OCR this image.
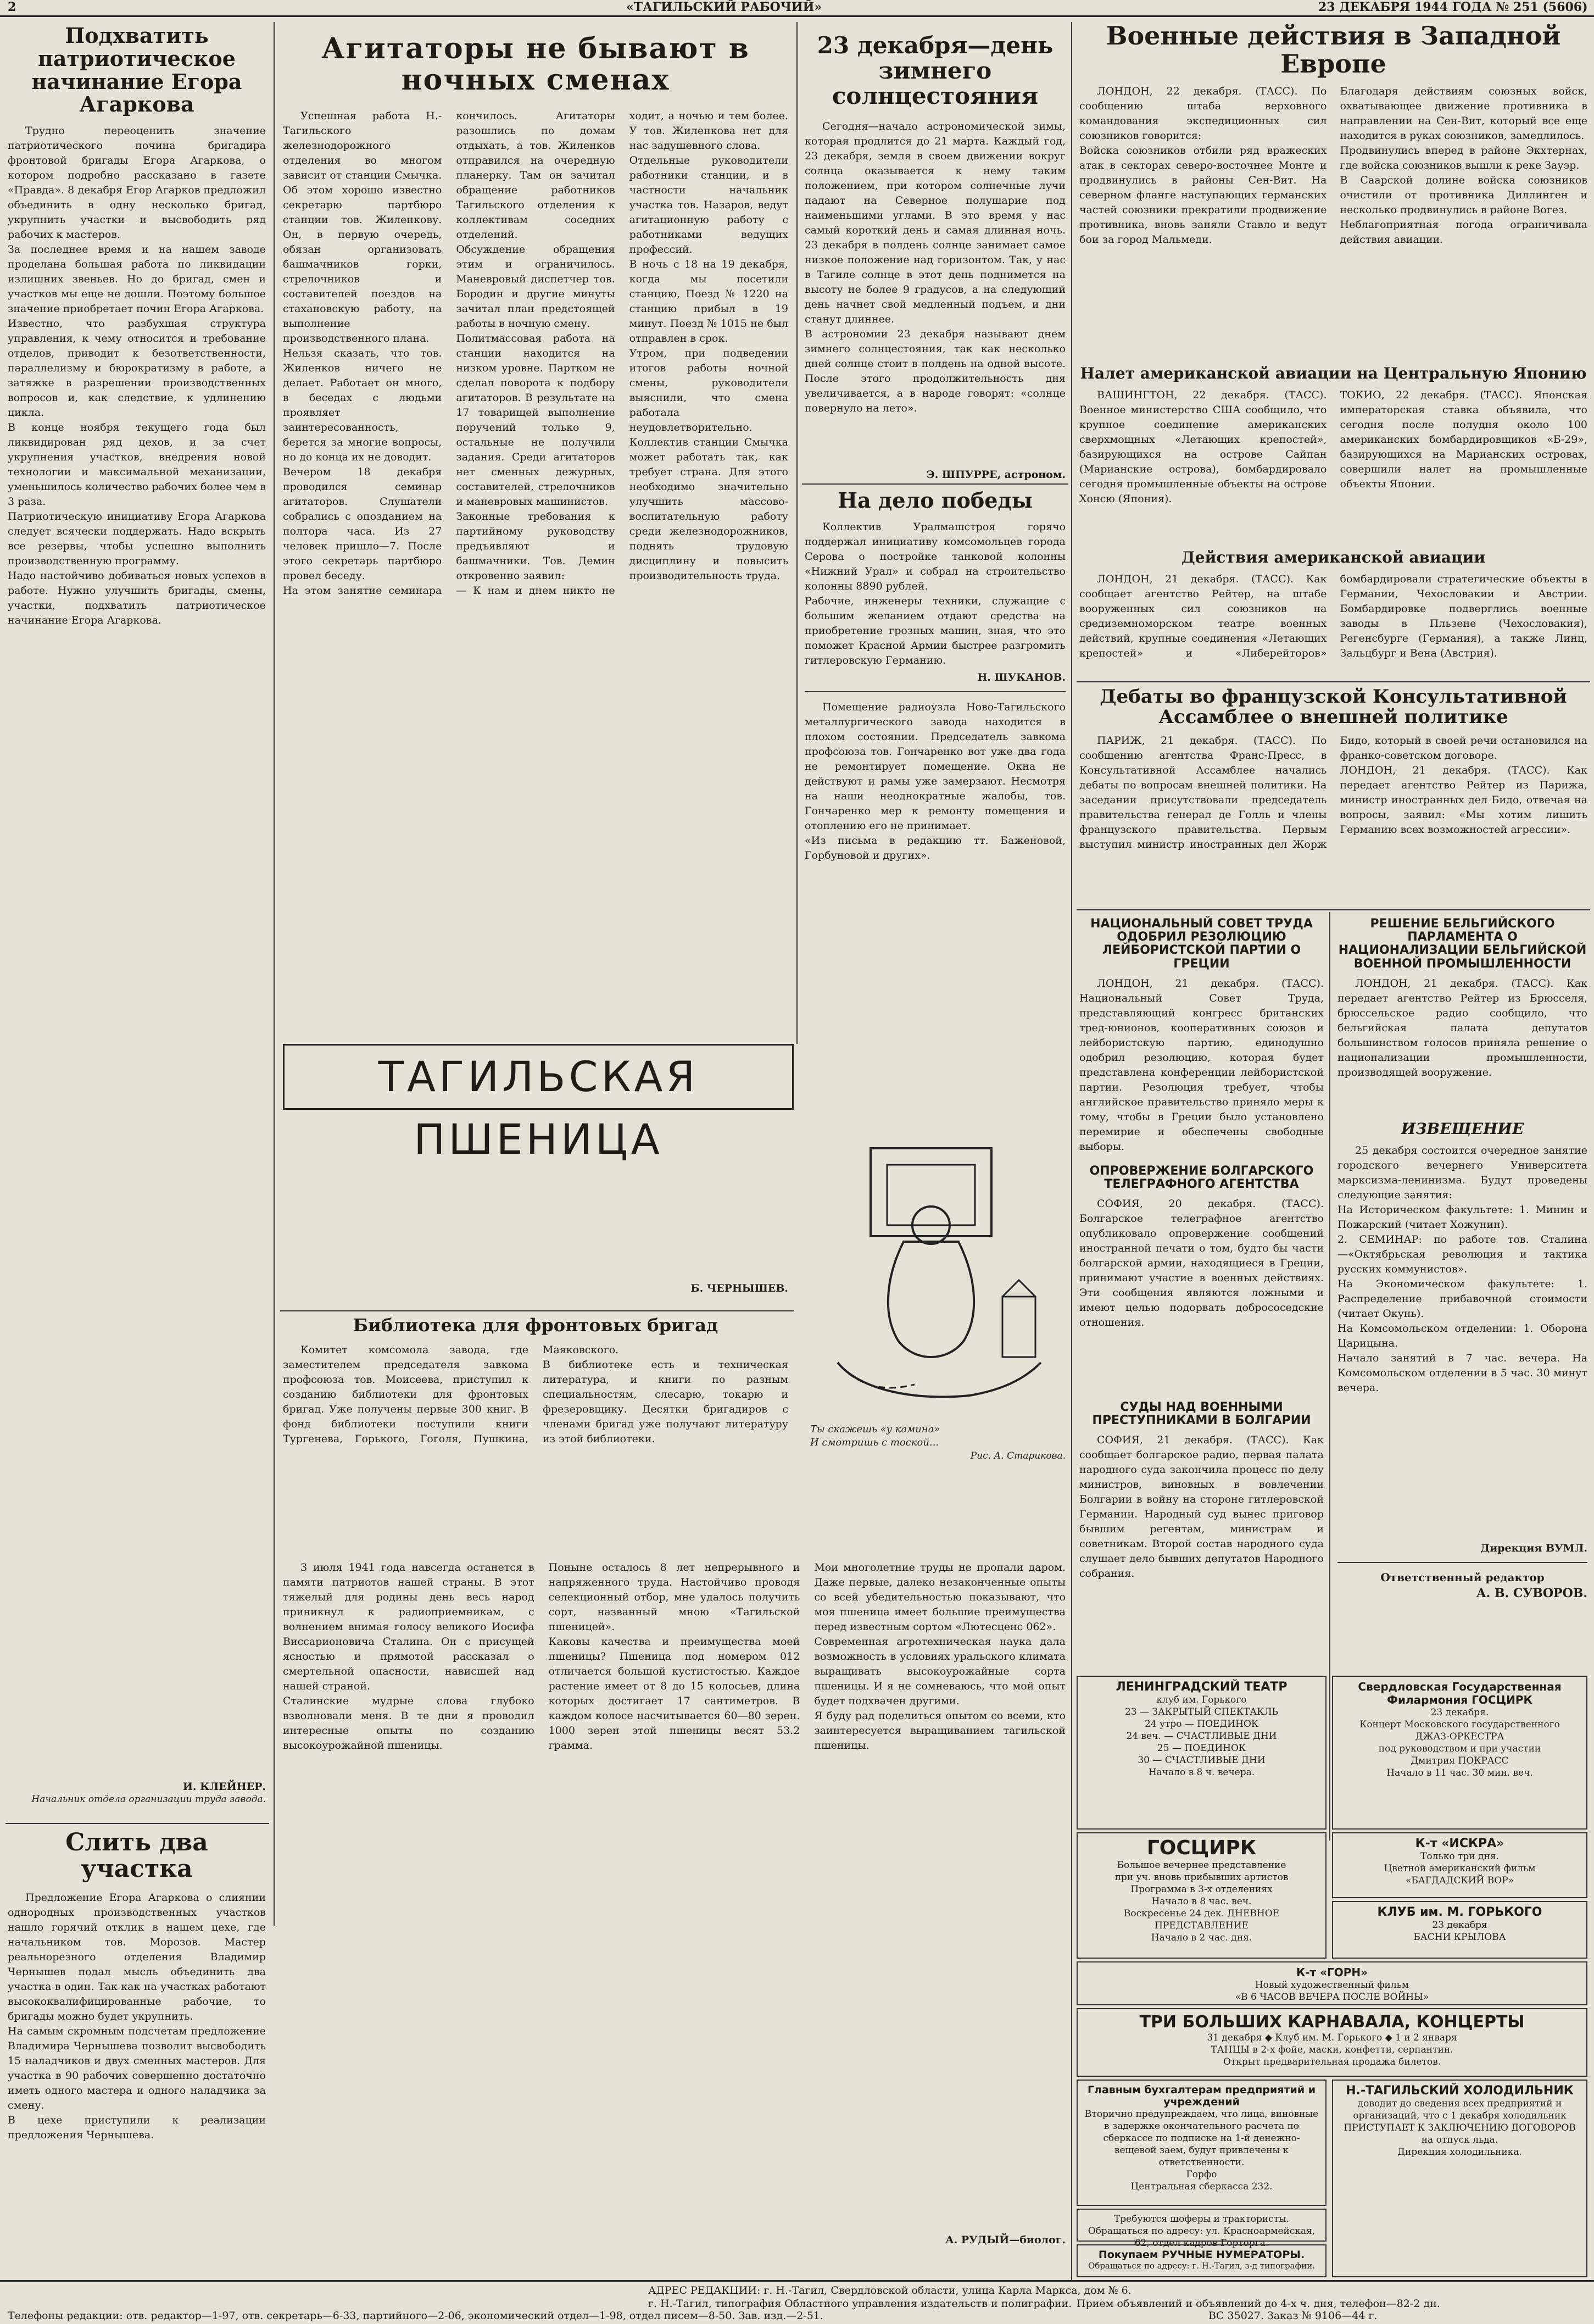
2	«ТАГИЛЬСКИЙ РАБОЧИЙ»	23 ДЕКАБРЯ 1944 ГОДА № 251 (5606)
Подхватить патриотическое начинание Егора Агаркова

Трудно переоценить значение патриотического почина бригадира фронтовой бригады Егора Агаркова, о котором подробно рассказано в газете «Правда». 8 декабря Егор Агарков предложил объединить в одну несколько бригад, укрупнить участки и высвободить ряд рабочих к мастеров.
За последнее время и на нашем заводе проделана большая работа по ликвидации излишних звеньев. Но до бригад, смен и участков мы еще не дошли. Поэтому большое значение приобретает почин Егора Агаркова.
Известно, что разбухшая структура управления, к чему относится и требование отделов, приводит к безответственности, параллелизму и бюрократизму в работе, а затяжке в разрешении производственных вопросов и, как следствие, к удлинению цикла.
В конце ноября текущего года был ликвидирован ряд цехов, и за счет укрупнения участков, внедрения новой технологии и максимальной механизации, уменьшилось количество рабочих более чем в 3 раза.
Патриотическую инициативу Егора Агаркова следует всячески поддержать. Надо вскрыть все резервы, чтобы успешно выполнить производственную программу.
Надо настойчиво добиваться новых успехов в работе. Нужно улучшить бригады, смены, участки, подхватить патриотическое начинание Егора Агаркова.

И. КЛЕЙНЕР.

Начальник отдела организации труда завода.

Слить два участка

Предложение Егора Агаркова о слиянии однородных производственных участков нашло горячий отклик в нашем цехе, где начальником тов. Морозов. Мастер реальнорезного отделения Владимир Чернышев подал мысль объединить два участка в один. Так как на участках работают высококвалифицированные рабочие, то бригады можно будет укрупнить.
На самым скромным подсчетам предложение Владимира Чернышева позволит высвободить 15 наладчиков и двух сменных мастеров. Для участка в 90 рабочих совершенно достаточно иметь одного мастера и одного наладчика за смену.
В цехе приступили к реализации предложения Чернышева.

Агитаторы не бывают в ночных сменах

Успешная работа Н.-Тагильского железнодорожного отделения во многом зависит от станции Смычка. Об этом хорошо известно секретарю партбюро станции тов. Жиленкову. Он, в первую очередь, обязан организовать башмачников горки, стрелочников и составителей поездов на стахановскую работу, на выполнение производственного плана.
Нельзя сказать, что тов. Жиленков ничего не делает. Работает он много, в беседах с людьми проявляет заинтересованность, берется за многие вопросы, но до конца их не доводит.
Вечером 18 декабря проводился семинар агитаторов. Слушатели собрались с опозданием на полтора часа. Из 27 человек пришло—7. После этого секретарь партбюро провел беседу.
На этом занятие семинара кончилось. Агитаторы разошлись по домам отдыхать, а тов. Жиленков отправился на очередную планерку. Там он зачитал обращение работников Тагильского отделения к коллективам соседних отделений.
Обсуждение обращения этим и ограничилось. Маневровый диспетчер тов. Бородин и другие минуты зачитал план предстоящей работы в ночную смену.
Политмассовая работа на станции находится на низком уровне. Партком не сделал поворота к подбору агитаторов. В результате на 17 товарищей выполнение поручений только 9, остальные не получили задания. Среди агитаторов нет сменных дежурных, составителей, стрелочников и маневровых машинистов.
Законные требования к партийному руководству предъявляют и башмачники. Тов. Демин откровенно заявил:
— К нам и днем никто не ходит, а ночью и тем более. У тов. Жиленкова нет для нас задушевного слова.
Отдельные руководители работники станции, и в частности начальник участка тов. Назаров, ведут агитационную работу с работниками ведущих профессий.
В ночь с 18 на 19 декабря, когда мы посетили станцию, Поезд № 1220 на станцию прибыл в 19 минут. Поезд № 1015 не был отправлен в срок.
Утром, при подведении итогов работы ночной смены, руководители выяснили, что смена работала неудовлетворительно.
Коллектив станции Смычка может работать так, как требует страна. Для этого необходимо значительно улучшить массово-воспитательную работу среди железнодорожников, поднять трудовую дисциплину и повысить производительность труда.

Б. ЧЕРНЫШЕВ.

Библиотека для фронтовых бригад

Комитет комсомола завода, где заместителем председателя завкома профсоюза тов. Моисеева, приступил к созданию библиотеки для фронтовых бригад. Уже получены первые 300 книг. В фонд библиотеки поступили книги Тургенева, Горького, Гоголя, Пушкина, Маяковского.
В библиотеке есть и техническая литература, и книги по разным специальностям, слесарю, токарю и фрезеровщику. Десятки бригадиров с членами бригад уже получают литературу из этой библиотеки.

23 декабря—день зимнего солнцестояния

Сегодня—начало астрономической зимы, которая продлится до 21 марта. Каждый год, 23 декабря, земля в своем движении вокруг солнца оказывается к нему таким положением, при котором солнечные лучи падают на Северное полушарие под наименьшими углами. В это время у нас самый короткий день и самая длинная ночь. 23 декабря в полдень солнце занимает самое низкое положение над горизонтом. Так, у нас в Тагиле солнце в этот день поднимется на высоту не более 9 градусов, а на следующий день начнет свой медленный подъем, и дни станут длиннее.
В астрономии 23 декабря называют днем зимнего солнцестояния, так как несколько дней солнце стоит в полдень на одной высоте. После этого продолжительность дня увеличивается, а в народе говорят: «солнце повернуло на лето».

Э. ШПУРРЕ, астроном.

На дело победы

Коллектив Уралмашстроя горячо поддержал инициативу комсомольцев города Серова о постройке танковой колонны «Нижний Урал» и собрал на строительство колонны 8890 рублей.
Рабочие, инженеры техники, служащие с большим желанием отдают средства на приобретение грозных машин, зная, что это поможет Красной Армии быстрее разгромить гитлеровскую Германию.

Н. ШУКАНОВ.

Помещение радиоузла Ново-Тагильского металлургического завода находится в плохом состоянии. Председатель завкома профсоюза тов. Гончаренко вот уже два года не ремонтирует помещение. Окна не действуют и рамы уже замерзают. Несмотря на наши неоднократные жалобы, тов. Гончаренко мер к ремонту помещения и отоплению его не принимает.
«Из письма в редакцию тт. Баженовой, Горбуновой и других».

Ты скажешь «у камина»
И смотришь с тоской...

Рис. А. Старикова.

ТАГИЛЬСКАЯ ПШЕНИЦА

3 июля 1941 года навсегда останется в памяти патриотов нашей страны. В этот тяжелый для родины день весь народ приникнул к радиоприемникам, с волнением внимая голосу великого Иосифа Виссарионовича Сталина. Он с присущей ясностью и прямотой рассказал о смертельной опасности, нависшей над нашей страной.
Сталинские мудрые слова глубоко взволновали меня. В те дни я проводил интересные опыты по созданию высокоурожайной пшеницы.
Поныне осталось 8 лет непрерывного и напряженного труда. Настойчиво проводя селекционный отбор, мне удалось получить сорт, названный мною «Тагильской пшеницей».
Каковы качества и преимущества моей пшеницы? Пшеница под номером 012 отличается большой кустистостью. Каждое растение имеет от 8 до 15 колосьев, длина которых достигает 17 сантиметров. В каждом колосе насчитывается 60—80 зерен. 1000 зерен этой пшеницы весят 53.2 грамма.
Мои многолетние труды не пропали даром. Даже первые, далеко незаконченные опыты со всей убедительностью показывают, что моя пшеница имеет большие преимущества перед известным сортом «Лютесценс 062».
Современная агротехническая наука дала возможность в условиях уральского климата выращивать высокоурожайные сорта пшеницы. И я не сомневаюсь, что мой опыт будет подхвачен другими.
Я буду рад поделиться опытом со всеми, кто заинтересуется выращиванием тагильской пшеницы.

А. РУДЫЙ—биолог.

Военные действия в Западной Европе

ЛОНДОН, 22 декабря. (ТАСС). По сообщению штаба верховного командования экспедиционных сил союзников говорится:
Войска союзников отбили ряд вражеских атак в секторах северо-восточнее Монте и продвинулись в районы Сен-Вит. На северном фланге наступающих германских частей союзники прекратили продвижение противника, вновь заняли Ставло и ведут бои за город Мальмеди.
Благодаря действиям союзных войск, охватывающее движение противника в направлении на Сен-Вит, который все еще находится в руках союзников, замедлилось.
Продвинулись вперед в районе Экхтернах, где войска союзников вышли к реке Зауэр.
В Саарской долине войска союзников очистили от противника Диллинген и несколько продвинулись в районе Вогез.
Неблагоприятная погода ограничивала действия авиации.

Налет американской авиации на Центральную Японию

ВАШИНГТОН, 22 декабря. (ТАСС). Военное министерство США сообщило, что крупное соединение американских сверхмощных «Летающих крепостей», базирующихся на острове Сайпан (Марианские острова), бомбардировало сегодня промышленные объекты на острове Хонсю (Япония).
ТОКИО, 22 декабря. (ТАСС). Японская императорская ставка объявила, что сегодня после полудня около 100 американских бомбардировщиков «Б-29», базирующихся на Марианских островах, совершили налет на промышленные объекты Японии.

Действия американской авиации

ЛОНДОН, 21 декабря. (ТАСС). Как сообщает агентство Рейтер, на штабе вооруженных сил союзников на средиземноморском театре военных действий, крупные соединения «Летающих крепостей» и «Либерейторов» бомбардировали стратегические объекты в Германии, Чехословакии и Австрии. Бомбардировке подверглись военные заводы в Пльзене (Чехословакия), Регенсбурге (Германия), а также Линц, Зальцбург и Вена (Австрия).

Дебаты во французской Консультативной Ассамблее о внешней политике

ПАРИЖ, 21 декабря. (ТАСС). По сообщению агентства Франс-Пресс, в Консультативной Ассамблее начались дебаты по вопросам внешней политики. На заседании присутствовали председатель правительства генерал де Голль и члены французского правительства. Первым выступил министр иностранных дел Жорж Бидо, который в своей речи остановился на франко-советском договоре.
ЛОНДОН, 21 декабря. (ТАСС). Как передает агентство Рейтер из Парижа, министр иностранных дел Бидо, отвечая на вопросы, заявил: «Мы хотим лишить Германию всех возможностей агрессии».

НАЦИОНАЛЬНЫЙ СОВЕТ ТРУДА ОДОБРИЛ РЕЗОЛЮЦИЮ ЛЕЙБОРИСТСКОЙ ПАРТИИ О ГРЕЦИИ

ЛОНДОН, 21 декабря. (ТАСС). Национальный Совет Труда, представляющий конгресс британских тред-юнионов, кооперативных союзов и лейбористскую партию, единодушно одобрил резолюцию, которая будет представлена конференции лейбористской партии. Резолюция требует, чтобы английское правительство приняло меры к тому, чтобы в Греции было установлено перемирие и обеспечены свободные выборы.

ОПРОВЕРЖЕНИЕ БОЛГАРСКОГО ТЕЛЕГРАФНОГО АГЕНТСТВА

СОФИЯ, 20 декабря. (ТАСС). Болгарское телеграфное агентство опубликовало опровержение сообщений иностранной печати о том, будто бы части болгарской армии, находящиеся в Греции, принимают участие в военных действиях. Эти сообщения являются ложными и имеют целью подорвать добрососедские отношения.

СУДЫ НАД ВОЕННЫМИ ПРЕСТУПНИКАМИ В БОЛГАРИИ

СОФИЯ, 21 декабря. (ТАСС). Как сообщает болгарское радио, первая палата народного суда закончила процесс по делу министров, виновных в вовлечении Болгарии в войну на стороне гитлеровской Германии. Народный суд вынес приговор бывшим регентам, министрам и советникам. Второй состав народного суда слушает дело бывших депутатов Народного собрания.

РЕШЕНИЕ БЕЛЬГИЙСКОГО ПАРЛАМЕНТА О НАЦИОНАЛИЗАЦИИ БЕЛЬГИЙСКОЙ ВОЕННОЙ ПРОМЫШЛЕННОСТИ

ЛОНДОН, 21 декабря. (ТАСС). Как передает агентство Рейтер из Брюсселя, брюссельское радио сообщило, что бельгийская палата депутатов большинством голосов приняла решение о национализации промышленности, производящей вооружение.

ИЗВЕЩЕНИЕ

25 декабря состоится очередное занятие городского вечернего Университета марксизма-ленинизма. Будут проведены следующие занятия:
На Историческом факультете: 1. Минин и Пожарский (читает Хожунин).
2. СЕМИНАР: по работе тов. Сталина—«Октябрьская революция и тактика русских коммунистов».
На Экономическом факультете: 1. Распределение прибавочной стоимости (читает Окунь).
На Комсомольском отделении: 1. Оборона Царицына.
Начало занятий в 7 час. вечера. На Комсомольском отделении в 5 час. 30 минут вечера.

Дирекция ВУМЛ.

Ответственный редактор

А. В. СУВОРОВ.

ЛЕНИНГРАДСКИЙ ТЕАТР
клуб им. Горького
23 — ЗАКРЫТЫЙ СПЕКТАКЛЬ
24 утро — ПОЕДИНОК
24 веч. — СЧАСТЛИВЫЕ ДНИ
25 — ПОЕДИНОК
30 — СЧАСТЛИВЫЕ ДНИ
Начало в 8 ч. вечера.
Свердловская Государственная Филармония ГОСЦИРК
23 декабря.
Концерт Московского государственного
ДЖАЗ-ОРКЕСТРА
под руководством и при участии
Дмитрия ПОКРАСС
Начало в 11 час. 30 мин. веч.
ГОСЦИРК
Большое вечернее представление
при уч. вновь прибывших артистов
Программа в 3-х отделениях
Начало в 8 час. веч.
Воскресенье 24 дек. ДНЕВНОЕ ПРЕДСТАВЛЕНИЕ
Начало в 2 час. дня.
К-т «ИСКРА»
Только три дня.
Цветной американский фильм
«БАГДАДСКИЙ ВОР»
КЛУБ им. М. ГОРЬКОГО
23 декабря
БАСНИ КРЫЛОВА
К-т «ГОРН»
Новый художественный фильм
«В 6 ЧАСОВ ВЕЧЕРА ПОСЛЕ ВОЙНЫ»
ТРИ БОЛЬШИХ КАРНАВАЛА, КОНЦЕРТЫ
31 декабря ◆ Клуб им. М. Горького ◆ 1 и 2 января
ТАНЦЫ в 2-х фойе, маски, конфетти, серпантин.
Открыт предварительная продажа билетов.
Главным бухгалтерам предприятий и учреждений
Вторично предупреждаем, что лица, виновные в задержке окончательного расчета по сберкассе по подписке на 1-й денежно-вещевой заем, будут привлечены к ответственности.
Горфо
Центральная сберкасса 232.
Требуются шоферы и трактористы. Обращаться по адресу: ул. Красноармейская, 62, отдел кадров Горторга.
Покупаем РУЧНЫЕ НУМЕРАТОРЫ.
Обращаться по адресу: г. Н.-Тагил, з-д типографии.
Н.-ТАГИЛЬСКИЙ ХОЛОДИЛЬНИК
доводит до сведения всех предприятий и организаций, что с 1 декабря холодильник
ПРИСТУПАЕТ К ЗАКЛЮЧЕНИЮ ДОГОВОРОВ
на отпуск льда.
Дирекция холодильника.
АДРЕС РЕДАКЦИИ: г. Н.-Тагил, Свердловской области, улица Карла Маркса, дом № 6.
Прием объявлений и объявлений до 4-х ч. дня, телефон—82-2 дн.
Телефоны редакции: отв. редактор—1-97, отв. секретарь—6-33, партийного—2-06, экономический отдел—1-98, отдел писем—8-50. Зав. изд.—2-51.
г. Н.-Тагил, типография Областного управления издательств и полиграфии.
ВС 35027. Заказ № 9106—44 г.
